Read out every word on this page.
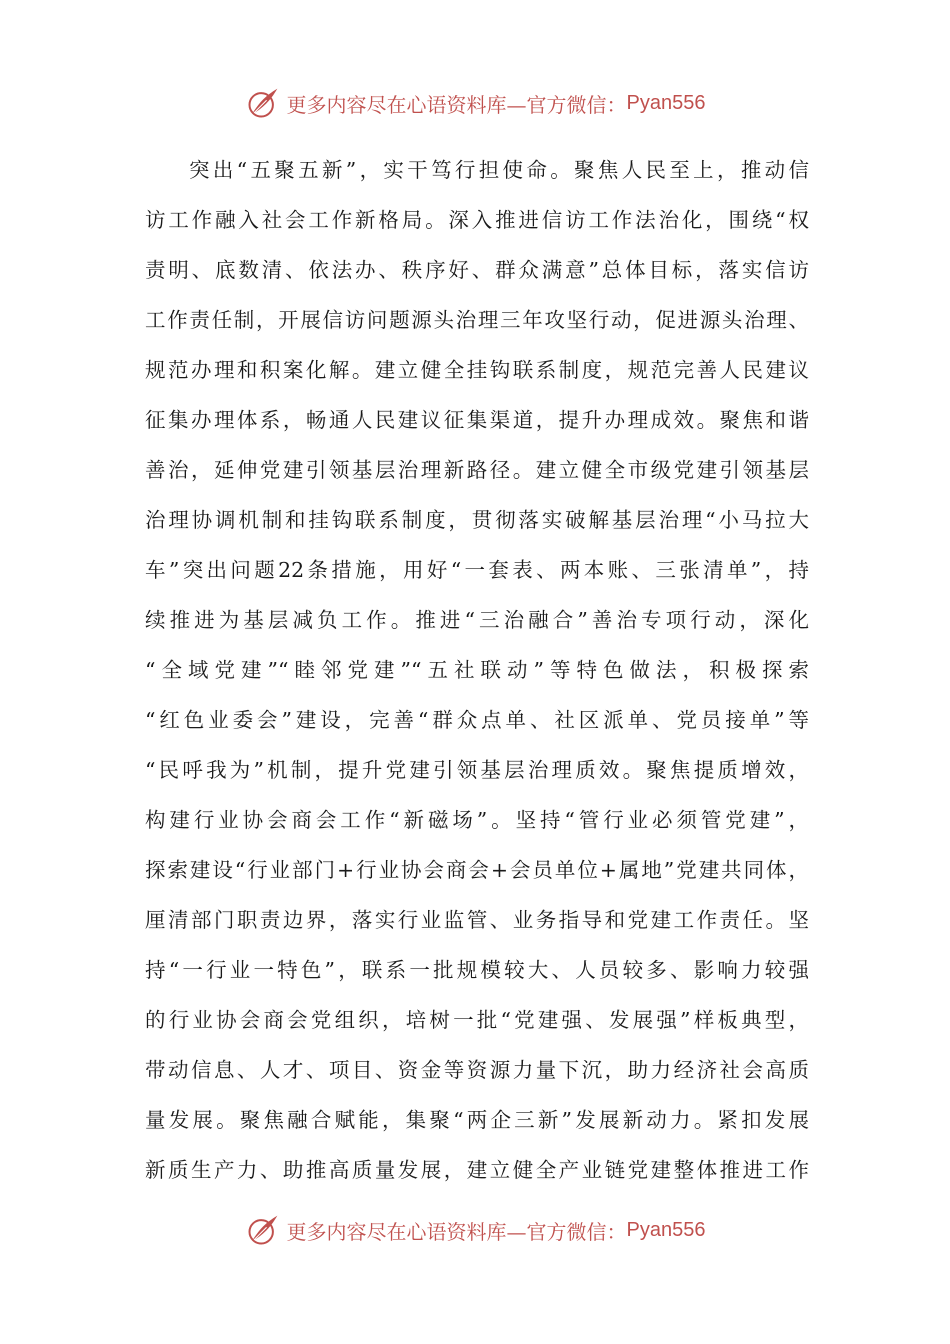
更多内容尽在心语资料库—官方微信： Pyan556
突出“五聚五新”，实干笃行担使命。聚焦人民至上，推动信
访工作融入社会工作新格局。深入推进信访工作法治化，围绕“权
责明、底数清、依法办、秩序好、群众满意”总体目标，落实信访
工作责任制，开展信访问题源头治理三年攻坚行动，促进源头治理、
规范办理和积案化解。建立健全挂钩联系制度，规范完善人民建议
征集办理体系，畅通人民建议征集渠道，提升办理成效。聚焦和谐
善治，延伸党建引领基层治理新路径。建立健全市级党建引领基层
治理协调机制和挂钩联系制度，贯彻落实破解基层治理“小马拉大
车”突出问题22条措施，用好“一套表、两本账、三张清单”，持
续推进为基层减负工作。推进“三治融合”善治专项行动，深化
“全域党建”“睦邻党建”“五社联动”等特色做法，积极探索
“红色业委会”建设，完善“群众点单、社区派单、党员接单”等
“民呼我为”机制，提升党建引领基层治理质效。聚焦提质增效，
构建行业协会商会工作“新磁场”。坚持“管行业必须管党建”，
探索建设“行业部门+行业协会商会+会员单位+属地”党建共同体，
厘清部门职责边界，落实行业监管、业务指导和党建工作责任。坚
持“一行业一特色”，联系一批规模较大、人员较多、影响力较强
的行业协会商会党组织，培树一批“党建强、发展强”样板典型，
带动信息、人才、项目、资金等资源力量下沉，助力经济社会高质
量发展。聚焦融合赋能，集聚“两企三新”发展新动力。紧扣发展
新质生产力、助推高质量发展，建立健全产业链党建整体推进工作
更多内容尽在心语资料库—官方微信： Pyan556
